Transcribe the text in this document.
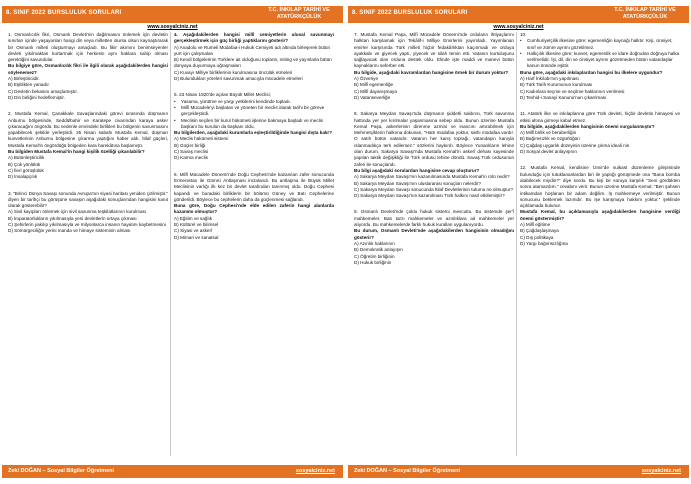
8. SINIF 2022 BURSLULUK SORULARI	T.C. İNKILAP TARİHİ VE ATATÜRKÇÜLÜK
www.sosyalciniz.net

1. Osmanlıcılık fikri, Osmanlı Devleti'nin dağılmasını önlemek için devletin sınırları içinde yaşayanları hangi din veya milletten olursa olsun kaynaştırarak bir Osmanlı milleti oluşturmayı amaçladı. Bu fikir akımını benimseyenler devleti yıkılmaktan kurtarmak için herkesin aynı haklara sahip olması gerektiğini savundular.

Bu bilgiye göre, Osmanlıcılık fikri ile ilgili olarak aşağıdakilerden hangisi söylenemez?

A) Birleştiricidir.
B) Eşitlikten yanadır.
C) Devletin bekasını amaçlamıştır.
D) Din birliğini hedeflemiştir.

2. Mustafa Kemal, Çanakkale Savaşlarındaki görevi sırasında düşmanın Anburnu bölgesinde, Seddülbahir ve Karatepe civarından karaya asker çıkaracağını öngördü. Bu nedenle emrindeki birlikleri bu bölgenin savunmasını yapabilecek şekilde yerleştirdi. 25 Nisan sabahı Mustafa Kemal, düşman kuvvetlerinin Anburnu bölgesine çıkarma yaptığını haber aldı. İtilaf güçleri, Mustafa Kemal'in öngördüğü bölgeden kara harekâtına başlamıştı.

Bu bilgiden Mustafa Kemal'in hangi kişilik özelliği çıkarılabilir?

A) Bütünleştiricilik
B) Çok yönlülük
C) İleri görüşlülük
D) İnsalapçılık

3. "Birinci Dünya Savaşı sonunda Avrupa'nın siyasi haritası yeniden çizilmiştir." diyen bir tarihçi bu görüşüne savaşın aşağıdaki sonuçlarından hangisini kanıt olarak gösterebilir?

A) Sivil kayıpları önlemek için sivil savunma teşkilatlarının kurulması
B) İmparatorlukların yıkılmasıyla yeni devletlerin ortaya çıkması
C) Şehirlerin yakılıp yıkılmasıyla ve milyonlarca insanın hayatını kaybetmesini
D) Sömürgeciliğin yerini manda ve himaye sisteminin alması

4. Aşağıdakilerden hangisi millî cemiyetlerin ulusal savunmayı gerçekleştirmek için güç birliği yaptıklarını gösterir?

A) Anadolu ve Rumeli Müdafaa-i Hukuk Cemiyeti adı altında birleşerek bütün yurt için çalışmaları
B) Kendi bölgelerinin Türklere ait olduğunu toplantı, miting ve yayınlarla bütün dünyaya duyurmaya uğraşmaları
C) Kuvayı Milliye birliklerinin kurulmasına öncülük etmeleri
D) Bulundukları yöreleri savunmak amacıyla mücadele etmeleri

5. 23 Nisan 1920'de açılan Büyük Millet Meclisi;

• Yasama, yürütme ve yargı yetkilerini kendinde topladı.
• Millî Mücadele'yi başlatan ve yöneten bir meclis olarak tarihi bir göreve gerçekleştirdi.
• Meclisin seçilen bir kurul hükümeti işlerine bakmaya başladı ve meclis başkanı bu kurulun da başkanı oldu.

Bu bilgilerden, aşağıdaki kurumlarla eşleştirildiğinde hangisi dışta kalır?

A) Meclis hükümeti sistemi
B) Güçler birliği
C) Savaş meclisi
D) Karma meclis

6. Millî Mücadele Dönemi'nde Doğu Cephesi'nde kazanılan zafer sonucunda Ermenistan ile Gümrü Antlaşması imzalandı. Bu antlaşma ile Büyük Millet Meclisinin varlığı ilk kez bir devlet tarafından tanınmış oldu. Doğu Cephesi kapandı ve buradaki birliklerin bir bölümü Güney ve Batı Cephelerine gönderildi. Böylece bu cephelerin daha da güçlenmesi sağlandı.

Buna göre, Doğu Cephesi'nde elde edilen zaferin hangi alanlarda kazanımı olmuştur?

A) Eğitim ve sağlık
B) Kültürel ve bilimsel
C) Siyasi ve askerî
D) Mimari ve sanatsal
Zeki DOĞAN – Sosyal Bilgiler Öğretmeni	sosyalciniz.net
8. SINIF 2022 BURSLULUK SORULARI	T.C. İNKILAP TARİHİ VE ATATÜRKÇÜLÜK
www.sosyalciniz.net

7. Mustafa Kemal Paşa, Millî Mücadele Dönemi'nde orduların ihtiyaçlarını halktan karşılamak için Tekâlif-i Milliye Emirlerini yayımladı. Yayımlanan emirler karşısında Türk milleti hiçbir fedakârlıktan kaçınmadı ve orduya ayakkabı ve giyecek yaptı, yiyecek ve silah temin etti. Vatanın kurtuluşunu sağlayacak olan orduna destek oldu. Elinde işte maddi ve manevi bütün kaynaklarını seferber etti.

Bu bilgide, aşağıdaki kavramlardan hangisine örnek bir durum yoktur?

A) Özveriye
B) Millî egemenliğe
C) Millî dayanışmaya
D) Vatanseverliğe

8. Sakarya Meydan Savaşı'nda düşmanın şiddetli saldırısı, Türk savunma hattında yer yer kırılmalar yaşanmasına sebep oldu. Bunun üzerine Mustafa Kemal Paşa, askerlerinin direnme azmini ve inancını artırabilmek için Mehmetçiklerin halkıma dokunan, "Hattı müdafaa yoktur, sathı müdafaa vardır. O satıh bütün vatandır. Vatanın her karış toprağı, vatandaşın kanıyla ıslanmadıkça terk edilemez." sözlerini haykırdı. Böylece Yunanlıların lehine olan durum, Sakarya Savaşı'nda Mustafa Kemal'in askerî dehası sayesinde yapılan taktik değişikliği ile Türk ordusu lehine döndü. Savaş Türk ordusunun zaferi ile sonuçlandı.

Bu bilgi aşağıdaki sorulardan hangisine cevap oluşturur?

A) Sakarya Meydan Savaşı'nın kazanılmasında Mustafa Kemal'in rolü nedir?
B) Sakarya Meydan Savaşı'nın uluslararası sonuçları nelerdir?
C) Sakarya Meydan Savaşı sonucunda İtilaf Devletlerinin tutumu ne olmuştur?
D) Sakarya Meydan Savaşı'nın kazanılması Türk halkını nasıl etkilemiştir?

9. Osmanlı Devleti'nde çoklu hukuk sistemi mevcuttu. Bu sistemde şer'î mahkemeler, Batı tarzı mahkemeler ve azınlıklara ait mahkemeler yer alıyordu. Bu mahkemelerde farklı hukuk kuralları uygulanıyordu.

Bu durum, Osmanlı Devleti'nde aşağıdakilerden hangisinin olmadığını gösterir?

A) Azınlık haklarının
B) Demokratik anlayışın
C) Öğretim birliğinin
D) Hukuk birliğinin

10.

• Cumhuriyetçilik ilkesine göre; egemenliğin kaynağı halktır. Kişi, cinsiyet, sınıf ve zümre ayrımı gözetilmez.
• Halkçılık ilkesine göre; kuvvet, egemenlik ve idare doğrudan doğruya halka verilmelidir. İşi, dil, din ve cinsiyet ayrımı gözetmeden bütün vatandaşlar kanun önünde eşittir.

Buna göre, aşağıdaki inkılaplardan hangisi bu ilkelere uygundur?

A) Harf İnkılabı'nın yapılması
B) Türk Tarih Kurumunun kurulması
C) Kadınlara seçme ve seçilme haklarının verilmesi
D) Tevhid-i Sanayi Kanunu'nun çıkarılması

11. Atatürk ilke ve inkılaplarına göre Türk devleti, hiçbir devletin himayesi ve etkisi altına girmeyi kabul etmez.

Bu bilgide, aşağıdakilerden hangisinin önemi vurgulanmıştır?

A) Millî birlik ve beraberliğin
B) Bağımsızlık ve özgürlüğün
C) Çağdaş uygarlık düzeyinin üzerine çıkma ideali nin
D) Sosyal devlet anlayışının

12. Mustafa Kemal, kendisine İzmir'de suikast düzenleme girişiminde bulunduğu için tutuklananlardan biri ile yaptığı görüşmede ona "Bana bomba atabilecek miydin?" diye sordu. Bu kişi bir soruya karşılık "Seni gördükten sonra atamazdım." cevabını verir. Bunun üzerine Mustafa Kemal: "Ben şahsen intikamdan hoşlanan bir adam değilim. İş mahkemeye verilmiştir. Bunun sonucunu beklemek lazımdır. Bu işe karışmaya hakkım yoktur." şeklinde açıklamada bulunur.

Mustafa Kemal, bu açıklamasıyla aşağıdakilerden hangisine verdiği önemi göstermiştir?

A) Millî eğitime
B) Çağdaşlaşmaya
C) Dış politikaya
D) Yargı bağımsızlığına
Zeki DOĞAN – Sosyal Bilgiler Öğretmeni	sosyalciniz.net
